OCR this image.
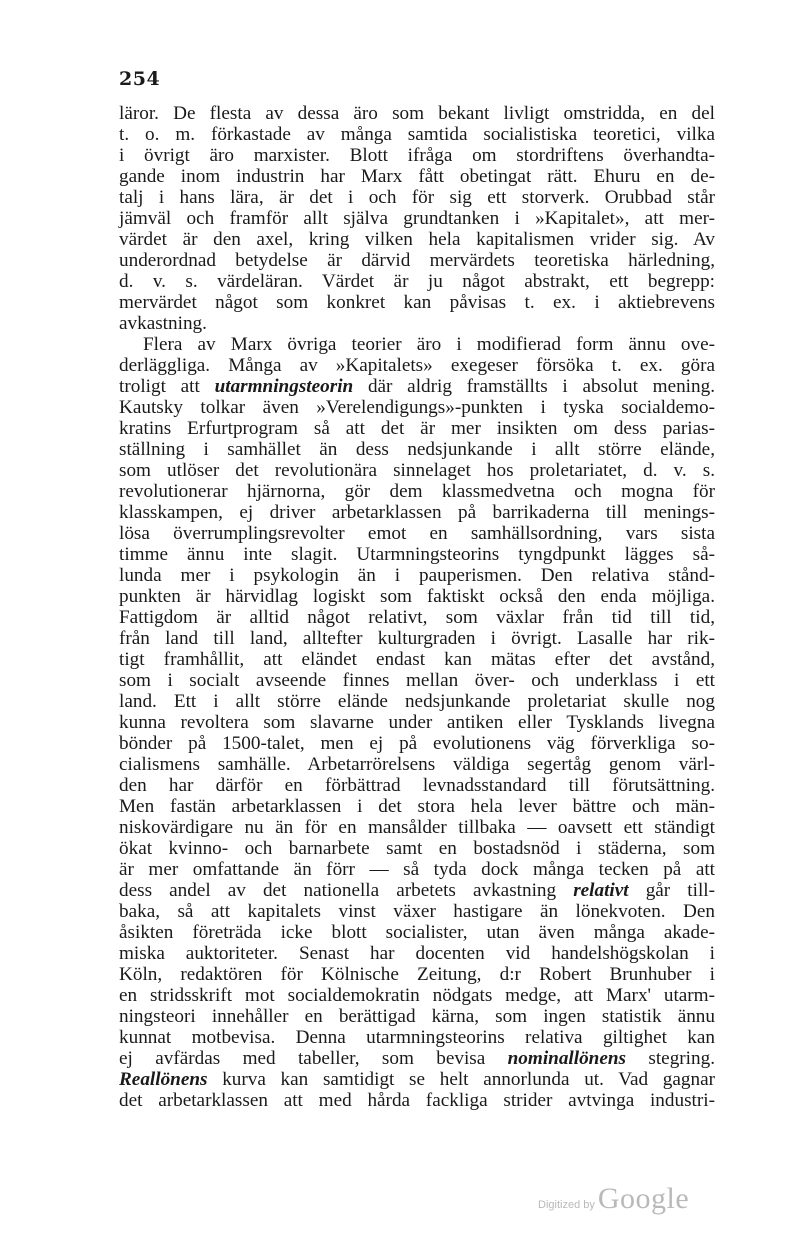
254
läror. De flesta av dessa äro som bekant livligt omstridda, en del
t. o. m. förkastade av många samtida socialistiska teoretici, vilka
i övrigt äro marxister. Blott ifråga om stordriftens överhandta-
gande inom industrin har Marx fått obetingat rätt. Ehuru en de-
talj i hans lära, är det i och för sig ett storverk. Orubbad står
jämväl och framför allt själva grundtanken i »Kapitalet», att mer-
värdet är den axel, kring vilken hela kapitalismen vrider sig. Av
underordnad betydelse är därvid mervärdets teoretiska härledning,
d. v. s. värdeläran. Värdet är ju något abstrakt, ett begrepp:
mervärdet något som konkret kan påvisas t. ex. i aktiebrevens
avkastning.
Flera av Marx övriga teorier äro i modifierad form ännu ove-
derläggliga. Många av »Kapitalets» exegeser försöka t. ex. göra
troligt att utarmningsteorin där aldrig framställts i absolut mening.
Kautsky tolkar även »Verelendigungs»-punkten i tyska socialdemo-
kratins Erfurtprogram så att det är mer insikten om dess parias-
ställning i samhället än dess nedsjunkande i allt större elände,
som utlöser det revolutionära sinnelaget hos proletariatet, d. v. s.
revolutionerar hjärnorna, gör dem klassmedvetna och mogna för
klasskampen, ej driver arbetarklassen på barrikaderna till menings-
lösa överrumplingsrevolter emot en samhällsordning, vars sista
timme ännu inte slagit. Utarmningsteorins tyngdpunkt lägges så-
lunda mer i psykologin än i pauperismen. Den relativa stånd-
punkten är härvidlag logiskt som faktiskt också den enda möjliga.
Fattigdom är alltid något relativt, som växlar från tid till tid,
från land till land, alltefter kulturgraden i övrigt. Lasalle har rik-
tigt framhållit, att eländet endast kan mätas efter det avstånd,
som i socialt avseende finnes mellan över- och underklass i ett
land. Ett i allt större elände nedsjunkande proletariat skulle nog
kunna revoltera som slavarne under antiken eller Tysklands livegna
bönder på 1500-talet, men ej på evolutionens väg förverkliga so-
cialismens samhälle. Arbetarrörelsens väldiga segertåg genom värl-
den har därför en förbättrad levnadsstandard till förutsättning.
Men fastän arbetarklassen i det stora hela lever bättre och män-
niskovärdigare nu än för en mansålder tillbaka — oavsett ett ständigt
ökat kvinno- och barnarbete samt en bostadsnöd i städerna, som
är mer omfattande än förr — så tyda dock många tecken på att
dess andel av det nationella arbetets avkastning relativt går till-
baka, så att kapitalets vinst växer hastigare än lönekvoten. Den
åsikten företräda icke blott socialister, utan även många akade-
miska auktoriteter. Senast har docenten vid handelshögskolan i
Köln, redaktören för Kölnische Zeitung, d:r Robert Brunhuber i
en stridsskrift mot socialdemokratin nödgats medge, att Marx' utarm-
ningsteori innehåller en berättigad kärna, som ingen statistik ännu
kunnat motbevisa. Denna utarmningsteorins relativa giltighet kan
ej avfärdas med tabeller, som bevisa nominallönens stegring.
Reallönens kurva kan samtidigt se helt annorlunda ut. Vad gagnar
det arbetarklassen att med hårda fackliga strider avtvinga industri-
Digitized by Google
